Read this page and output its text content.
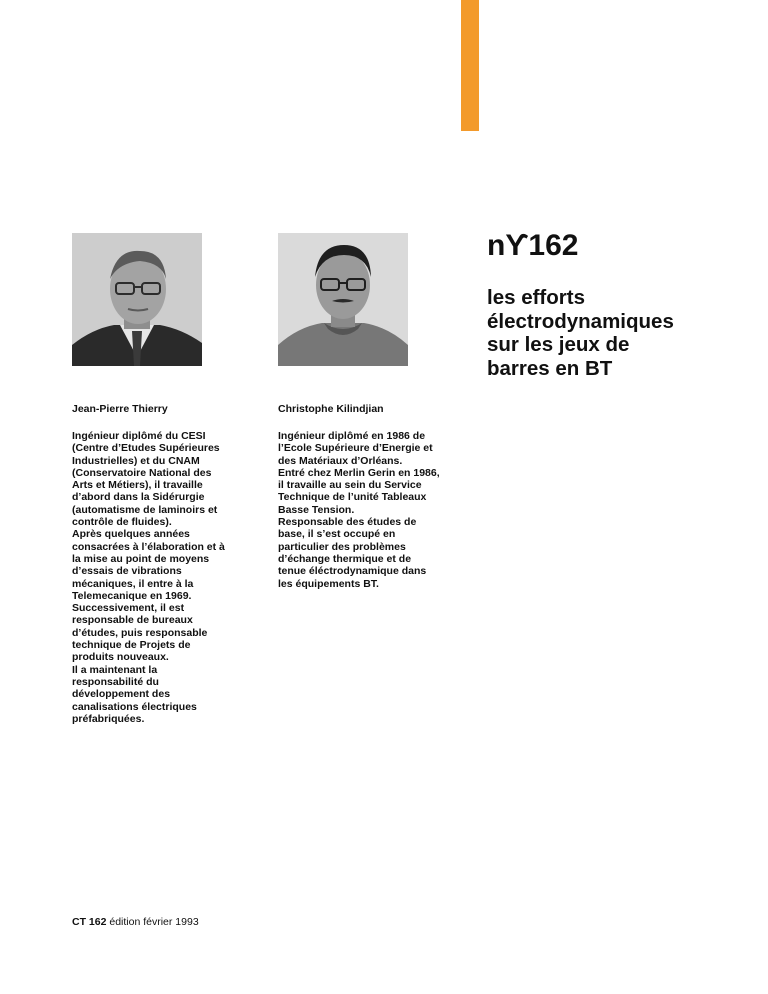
Jean-Pierre Thierry	Christophe Kilindjian
Ingénieur diplômé du CESI
(Centre d’Etudes Supérieures
Industrielles) et du CNAM
(Conservatoire National des
Arts et Métiers), il travaille
d’abord dans la Sidérurgie
(automatisme de laminoirs et
contrôle de fluides).
Après quelques années
consacrées à l’élaboration et à
la mise au point de moyens
d’essais de vibrations
mécaniques, il entre à la
Telemecanique en 1969.
Successivement, il est
responsable de bureaux
d’études, puis responsable
technique de Projets de
produits nouveaux.
Il a maintenant la
responsabilité du
développement des
canalisations électriques
préfabriquées.
Ingénieur diplômé en 1986 de
l’Ecole Supérieure d’Energie et
des Matériaux d’Orléans.
Entré chez Merlin Gerin en 1986,
il travaille au sein du Service
Technique de l’unité Tableaux
Basse Tension.
Responsable des études de
base, il s’est occupé en
particulier des problèmes
d’échange thermique et de
tenue éléctrodynamique dans
les équipements BT.
nϒ162
les efforts
électrodynamiques
sur les jeux de
barres en BT
CT 162 édition février 1993
